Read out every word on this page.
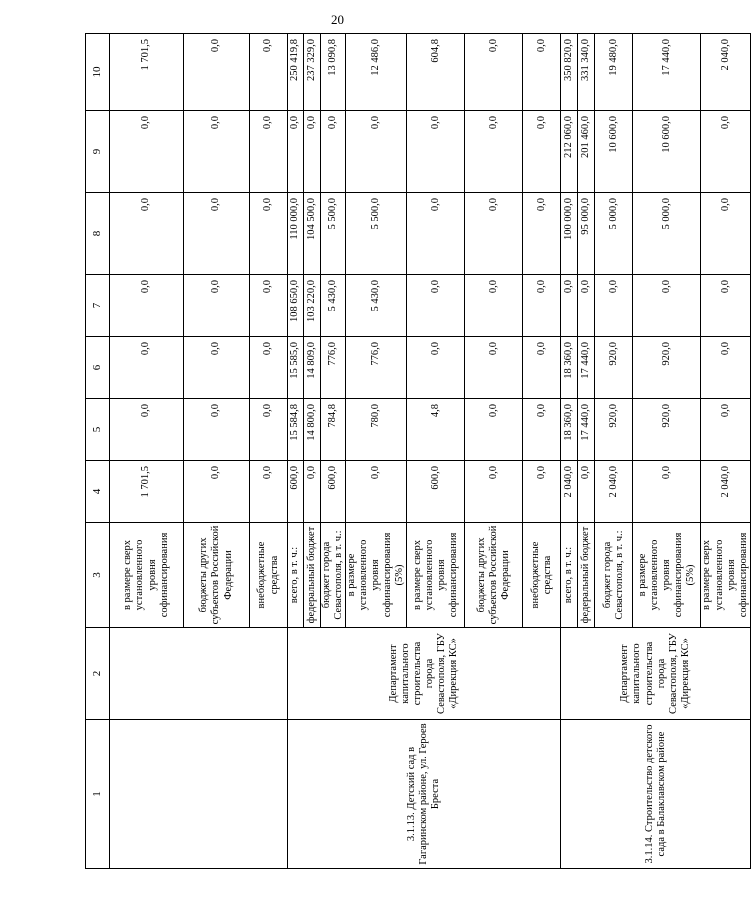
20
1	2	3	4	5	6	7	8	9	10
		в размере сверх установленного уровня софинансирования	1 701,5	0,0	0,0	0,0	0,0	0,0	1 701,5
		бюджеты других субъектов Российской Федерации	0,0	0,0	0,0	0,0	0,0	0,0	0,0
		внебюджетные средства	0,0	0,0	0,0	0,0	0,0	0,0	0,0
3.1.13. Детский сад в Гагаринском районе, ул. Героев Бреста	Департамент капитального строительства города Севастополя, ГБУ «Дирекция КС»	всего, в т. ч.:	600,0	15 584,8	15 585,0	108 650,0	110 000,0	0,0	250 419,8
		федеральный бюджет	0,0	14 800,0	14 809,0	103 220,0	104 500,0	0,0	237 329,0
		бюджет города Севастополя, в т. ч.:	600,0	784,8	776,0	5 430,0	5 500,0	0,0	13 090,8
		в размере установленного уровня софинансирования (5%)	0,0	780,0	776,0	5 430,0	5 500,0	0,0	12 486,0
		в размере сверх установленного уровня софинансирования	600,0	4,8	0,0	0,0	0,0	0,0	604,8
		бюджеты других субъектов Российской Федерации	0,0	0,0	0,0	0,0	0,0	0,0	0,0
		внебюджетные средства	0,0	0,0	0,0	0,0	0,0	0,0	0,0
3.1.14. Строительство детского сада в Балаклавском районе	Департамент капитального строительства города Севастополя, ГБУ «Дирекция КС»	всего, в т. ч.:	2 040,0	18 360,0	18 360,0	0,0	100 000,0	212 060,0	350 820,0
		федеральный бюджет	0,0	17 440,0	17 440,0	0,0	95 000,0	201 460,0	331 340,0
		бюджет города Севастополя, в т. ч.:	2 040,0	920,0	920,0	0,0	5 000,0	10 600,0	19 480,0
		в размере установленного уровня софинансирования (5%)	0,0	920,0	920,0	0,0	5 000,0	10 600,0	17 440,0
		в размере сверх установленного уровня софинансирования	2 040,0	0,0	0,0	0,0	0,0	0,0	2 040,0
